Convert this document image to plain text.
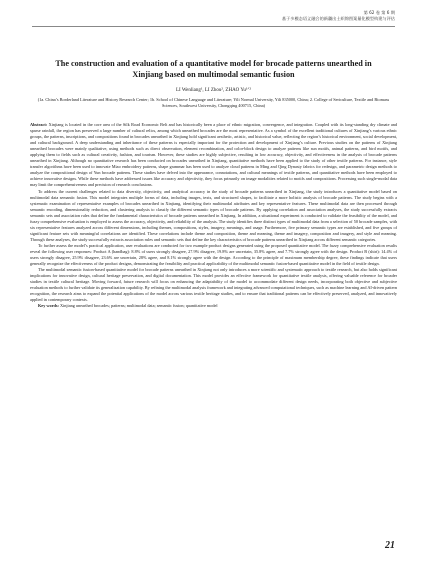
第 62 卷 第 6 期
基于多模态语义融合的新疆出土织锦图案量化模型构建与评估
The construction and evaluation of a quantitative model for brocade patterns unearthed in Xinjiang based on multimodal semantic fusion
LI Wenliang¹, LI Zhou², ZHAO Yu¹ᐟ²
(1a. China’s Borderland Literature and History Research Center; 1b. School of Chinese Language and Literature; Yili Normal University, Yili 835000, China; 2. College of Sericulture, Textile and Biomass Sciences, Southwest University, Chongqing 400715, China)

Abstract: Xinjiang is located in the core area of the Silk Road Economic Belt and has historically been a place of ethnic migration, convergence, and integration. Coupled with its long-standing dry climate and sparse rainfall, the region has preserved a large number of cultural relics, among which unearthed brocades are the most representative. As a symbol of the excellent traditional cultures of Xinjiang’s various ethnic groups, the patterns, inscriptions, and compositions found in brocades unearthed in Xinjiang hold significant aesthetic, artistic, and historical value, reflecting the region’s historical environment, social development, and cultural background. A deep understanding and inheritance of these patterns is especially important for the protection and development of Xinjiang’s culture. Previous studies on the patterns of Xinjiang unearthed brocades were mainly qualitative, using methods such as direct observation, element recombination, and color-block design to analyze patterns like sun motifs, animal patterns, and bird motifs, and applying them to fields such as cultural creativity, fashion, and tourism. However, these studies are highly subjective, resulting in low accuracy, objectivity, and effectiveness in the analysis of brocade patterns unearthed in Xinjiang. Although no quantitative research has been conducted on brocades unearthed in Xinjiang, quantitative methods have been applied to the study of other textile patterns. For instance, style transfer algorithms have been used to innovate Miao embroidery patterns, shape grammar has been used to analyze cloud patterns in Ming and Qing Dynasty fabrics for redesign, and parametric design methods to analyze the compositional design of Yun brocade patterns. These studies have delved into the appearance, connotations, and cultural meanings of textile patterns, and quantitative methods have been employed to achieve innovative designs. While these methods have addressed issues like accuracy and objectivity, they focus primarily on image modalities related to motifs and compositions. Processing such single-modal data may limit the comprehensiveness and precision of research conclusions.

To address the current challenges related to data diversity, objectivity, and analytical accuracy in the study of brocade patterns unearthed in Xinjiang, the study introduces a quantitative model based on multimodal data semantic fusion. This model integrates multiple forms of data, including images, texts, and structured shapes, to facilitate a more holistic analysis of brocade patterns. The study begins with a systematic examination of representative examples of brocades unearthed in Xinjiang, identifying their multimodal attributes and key representative features. These multimodal data are then processed through semantic encoding, dimensionality reduction, and clustering analysis to classify the different semantic types of brocade patterns. By applying correlation and association analyses, the study successfully extracts semantic sets and association rules that define the fundamental characteristics of brocade patterns unearthed in Xinjiang. In addition, a situational experiment is conducted to validate the feasibility of the model, and fuzzy comprehensive evaluation is employed to assess the accuracy, objectivity, and reliability of the analysis. The study identifies three distinct types of multimodal data from a selection of 50 brocade samples, with six representative features analyzed across different dimensions, including themes, compositions, styles, imagery, meanings, and usage. Furthermore, five primary semantic types are established, and five groups of significant feature sets with meaningful correlations are identified. These correlations include theme and composition, theme and meaning, theme and imagery, composition and imagery, and style and meaning. Through these analyses, the study successfully extracts association rules and semantic sets that define the key characteristics of brocade patterns unearthed in Xinjiang across different semantic categories.

To further assess the model’s practical application, user evaluations are conducted for two example product designs generated using the proposed quantitative model. The fuzzy comprehensive evaluation results reveal the following user responses: Product A (handbag): 8.8% of users strongly disagree, 27.9% disagree, 19.8% are uncertain, 35.8% agree, and 7.7% strongly agree with the design. Product B (shirt): 14.4% of users strongly disagree, 25.9% disagree, 23.6% are uncertain, 28% agree, and 8.1% strongly agree with the design. According to the principle of maximum membership degree, these findings indicate that users generally recognize the effectiveness of the product designs, demonstrating the feasibility and practical applicability of the multimodal semantic fusion-based quantitative model in the field of textile design.

The multimodal semantic fusion-based quantitative model for brocade patterns unearthed in Xinjiang not only introduces a more scientific and systematic approach to textile research, but also holds significant implications for innovative design, cultural heritage preservation, and digital documentation. This model provides an effective framework for quantitative textile analysis, offering valuable reference for broader studies in textile cultural heritage. Moving forward, future research will focus on enhancing the adaptability of the model to accommodate different design needs, incorporating both objective and subjective evaluation methods to further validate its generalization capability. By refining the multimodal analysis framework and integrating advanced computational techniques, such as machine learning and AI-driven pattern recognition, the research aims to expand the potential applications of the model across various textile heritage studies, and to ensure that traditional patterns can be effectively preserved, analyzed, and innovatively applied in contemporary contexts.

Key words: Xinjiang unearthed brocades; patterns; multimodal data; semantic fusion; quantitative model

21
